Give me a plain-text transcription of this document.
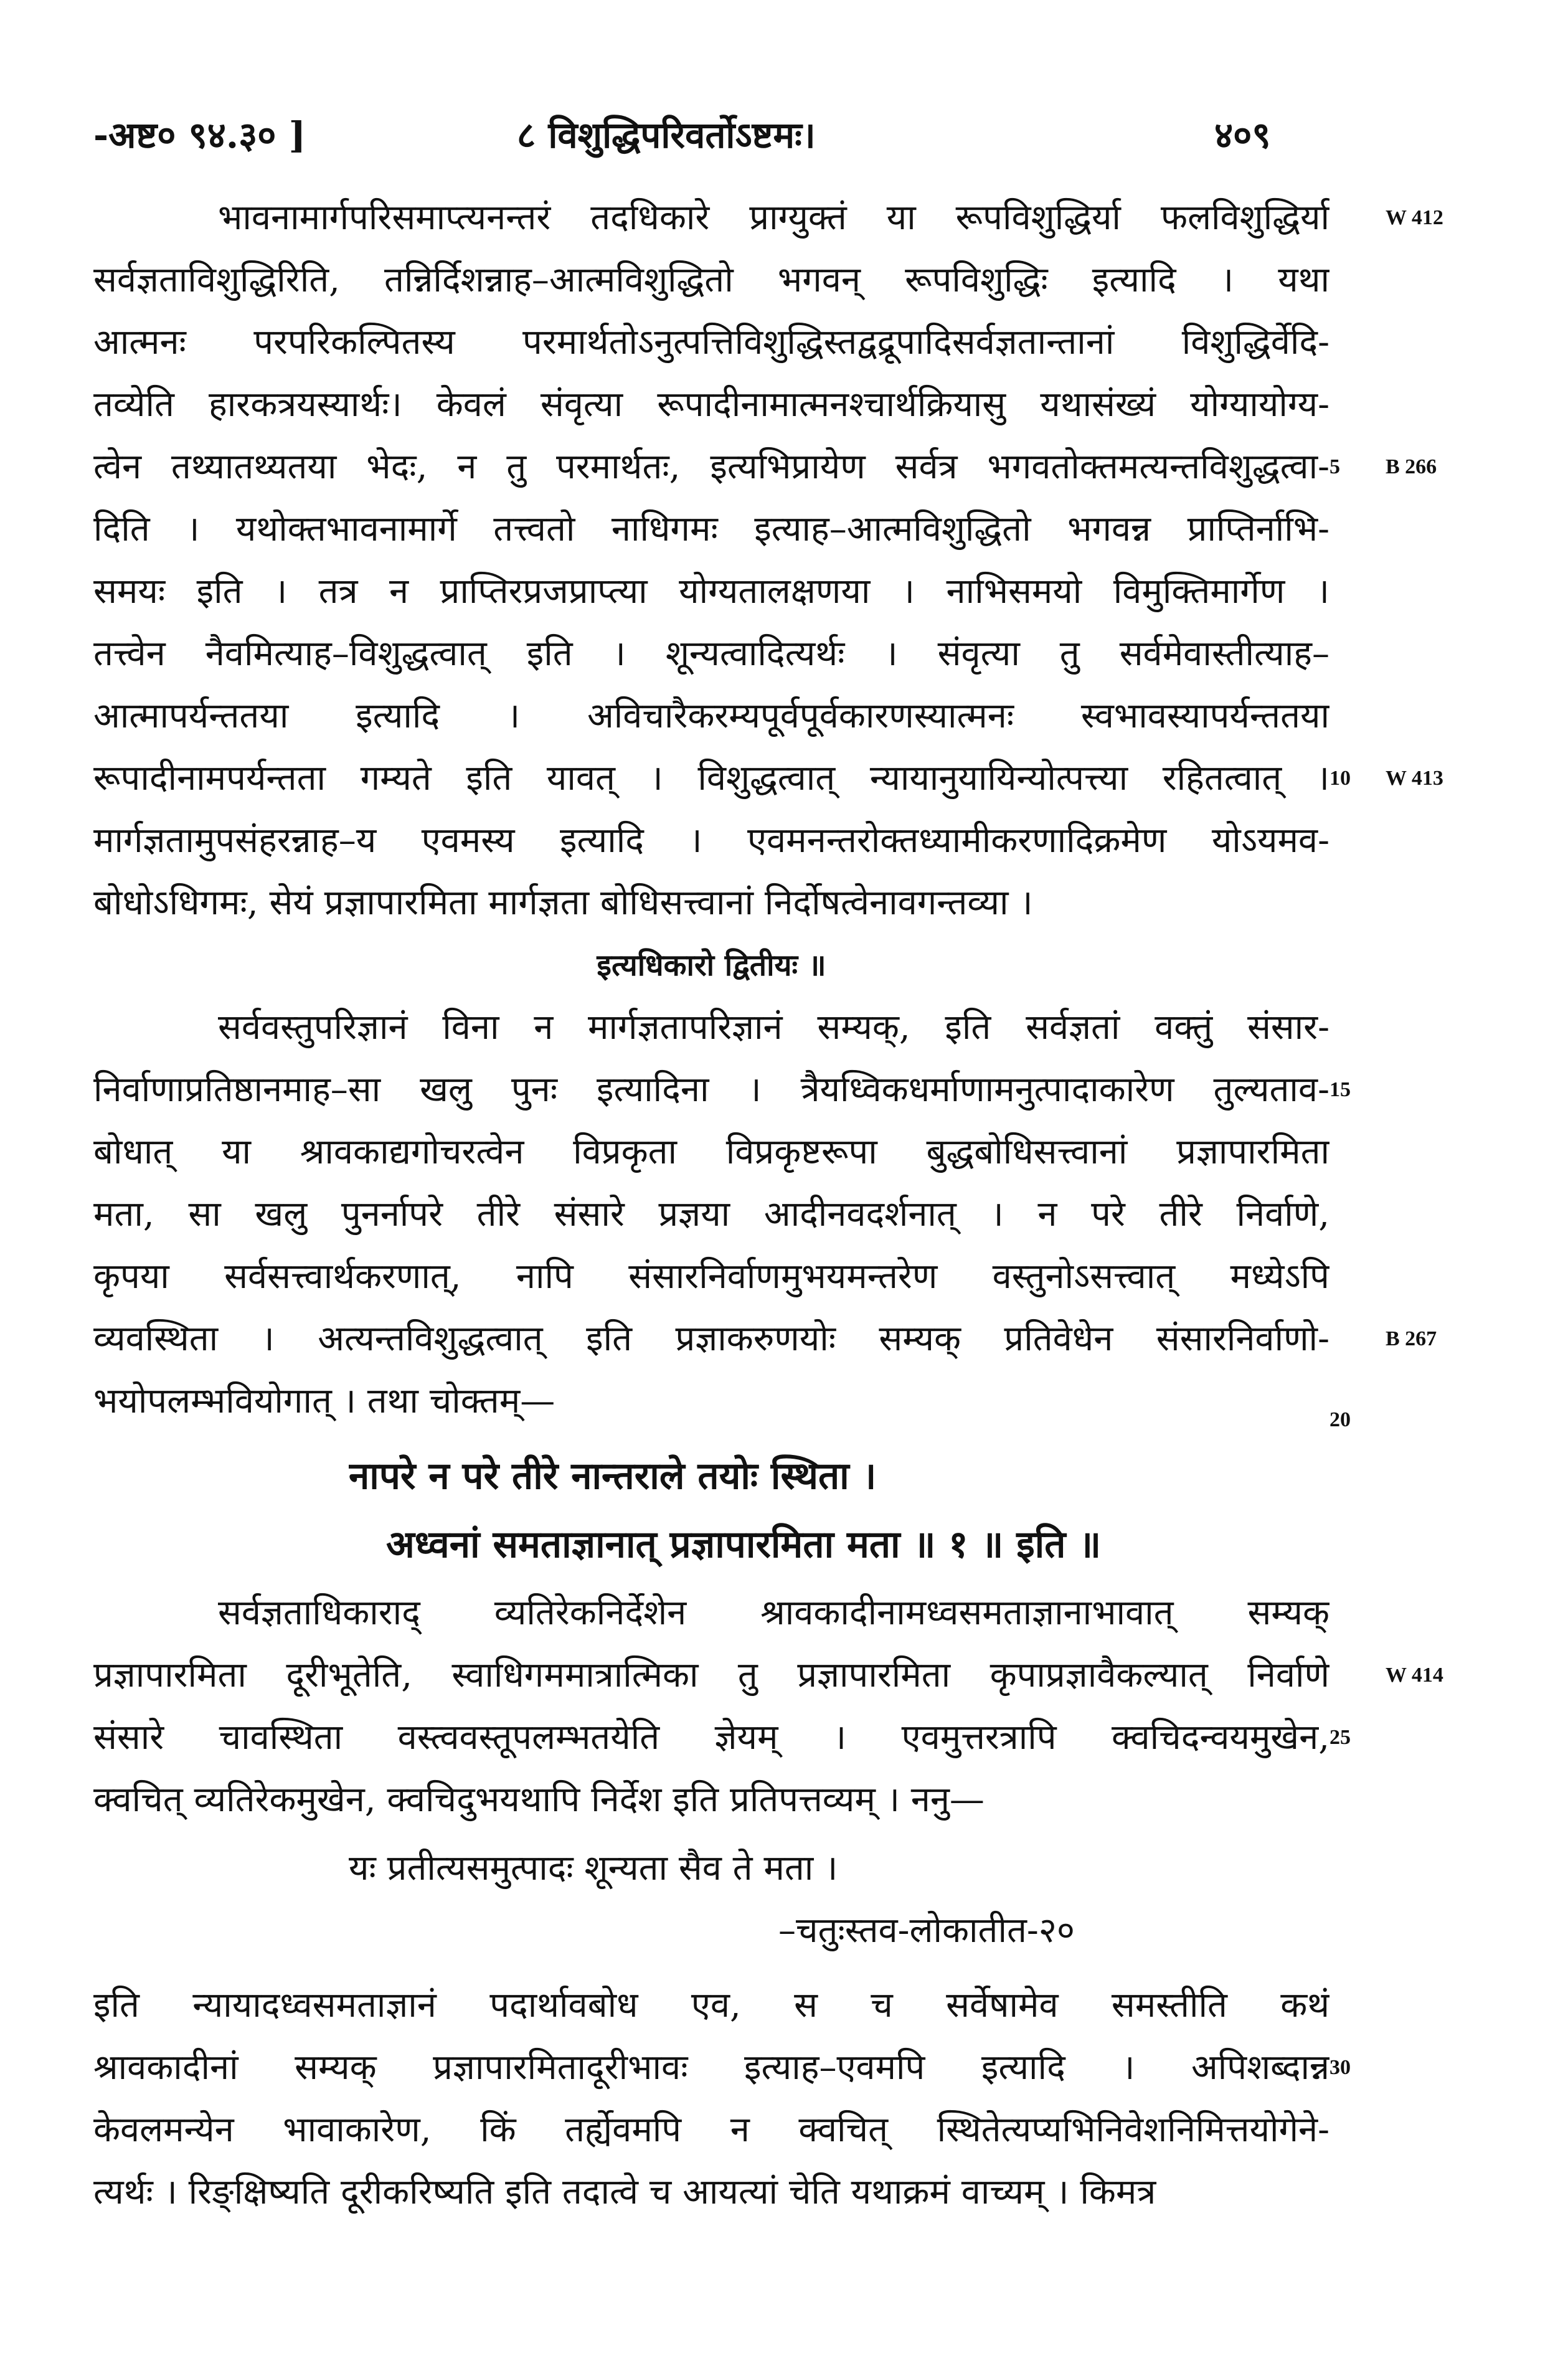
-अष्ट० ९४.३० ]	८ विशुद्धिपरिवर्तोऽष्टमः।	४०९
भावनामार्गपरिसमाप्त्यनन्तरं तदधिकारे प्राग्युक्तं या रूपविशुद्धिर्या फलविशुद्धिर्या
सर्वज्ञताविशुद्धिरिति, तन्निर्दिशन्नाह–आत्मविशुद्धितो भगवन् रूपविशुद्धिः इत्यादि । यथा
आत्मनः परपरिकल्पितस्य परमार्थतोऽनुत्पत्तिविशुद्धिस्तद्वद्रूपादिसर्वज्ञतान्तानां विशुद्धिर्वेदि-
तव्येति हारकत्रयस्यार्थः। केवलं संवृत्या रूपादीनामात्मनश्चार्थक्रियासु यथासंख्यं योग्यायोग्य-
त्वेन तथ्यातथ्यतया भेदः, न तु परमार्थतः, इत्यभिप्रायेण सर्वत्र भगवतोक्तमत्यन्तविशुद्धत्वा-
दिति । यथोक्तभावनामार्गे तत्त्वतो नाधिगमः इत्याह–आत्मविशुद्धितो भगवन्न प्राप्तिर्नाभि-
समयः इति । तत्र न प्राप्तिरप्रजप्राप्त्या योग्यतालक्षणया । नाभिसमयो विमुक्तिमार्गेण ।
तत्त्वेन नैवमित्याह–विशुद्धत्वात् इति । शून्यत्वादित्यर्थः । संवृत्या तु सर्वमेवास्तीत्याह–
आत्मापर्यन्ततया इत्यादि । अविचारैकरम्यपूर्वपूर्वकारणस्यात्मनः स्वभावस्यापर्यन्ततया
रूपादीनामपर्यन्तता गम्यते इति यावत् । विशुद्धत्वात् न्यायानुयायिन्योत्पत्त्या रहितत्वात् ।
मार्गज्ञतामुपसंहरन्नाह–य एवमस्य इत्यादि । एवमनन्तरोक्तध्यामीकरणादिक्रमेण योऽयमव-
बोधोऽधिगमः, सेयं प्रज्ञापारमिता मार्गज्ञता बोधिसत्त्वानां निर्दोषत्वेनावगन्तव्या ।
इत्यधिकारो द्वितीयः ॥
सर्ववस्तुपरिज्ञानं विना न मार्गज्ञतापरिज्ञानं सम्यक्, इति सर्वज्ञतां वक्तुं संसार-
निर्वाणाप्रतिष्ठानमाह–सा खलु पुनः इत्यादिना । त्रैयध्विकधर्माणामनुत्पादाकारेण तुल्यताव-
बोधात् या श्रावकाद्यगोचरत्वेन विप्रकृता विप्रकृष्टरूपा बुद्धबोधिसत्त्वानां प्रज्ञापारमिता
मता, सा खलु पुनर्नापरे तीरे संसारे प्रज्ञया आदीनवदर्शनात् । न परे तीरे निर्वाणे,
कृपया सर्वसत्त्वार्थकरणात्, नापि संसारनिर्वाणमुभयमन्तरेण वस्तुनोऽसत्त्वात् मध्येऽपि
व्यवस्थिता । अत्यन्तविशुद्धत्वात् इति प्रज्ञाकरुणयोः सम्यक् प्रतिवेधेन संसारनिर्वाणो-
भयोपलम्भवियोगात् । तथा चोक्तम्—
नापरे न परे तीरे नान्तराले तयोः स्थिता ।
अध्वनां समताज्ञानात् प्रज्ञापारमिता मता ॥ १ ॥ इति ॥
सर्वज्ञताधिकाराद् व्यतिरेकनिर्देशेन श्रावकादीनामध्वसमताज्ञानाभावात् सम्यक्
प्रज्ञापारमिता दूरीभूतेति, स्वाधिगममात्रात्मिका तु प्रज्ञापारमिता कृपाप्रज्ञावैकल्यात् निर्वाणे
संसारे चावस्थिता वस्त्ववस्तूपलम्भतयेति ज्ञेयम् । एवमुत्तरत्रापि क्वचिदन्वयमुखेन,
क्वचित् व्यतिरेकमुखेन, क्वचिदुभयथापि निर्देश इति प्रतिपत्तव्यम् । ननु—
यः प्रतीत्यसमुत्पादः शून्यता सैव ते मता ।
–चतुःस्तव-लोकातीत-२०
इति न्यायादध्वसमताज्ञानं पदार्थावबोध एव, स च सर्वेषामेव समस्तीति कथं
श्रावकादीनां सम्यक् प्रज्ञापारमितादूरीभावः इत्याह–एवमपि इत्यादि । अपिशब्दान्न
केवलमन्येन भावाकारेण, किं तर्ह्येवमपि न क्वचित् स्थितेत्यप्यभिनिवेशनिमित्तयोगेने-
त्यर्थः । रिङ्क्षिष्यति दूरीकरिष्यति इति तदात्वे च आयत्यां चेति यथाक्रमं वाच्यम् । किमत्र
W 412
B 266
W 413
B 267
W 414
5
10
15
20
25
30
